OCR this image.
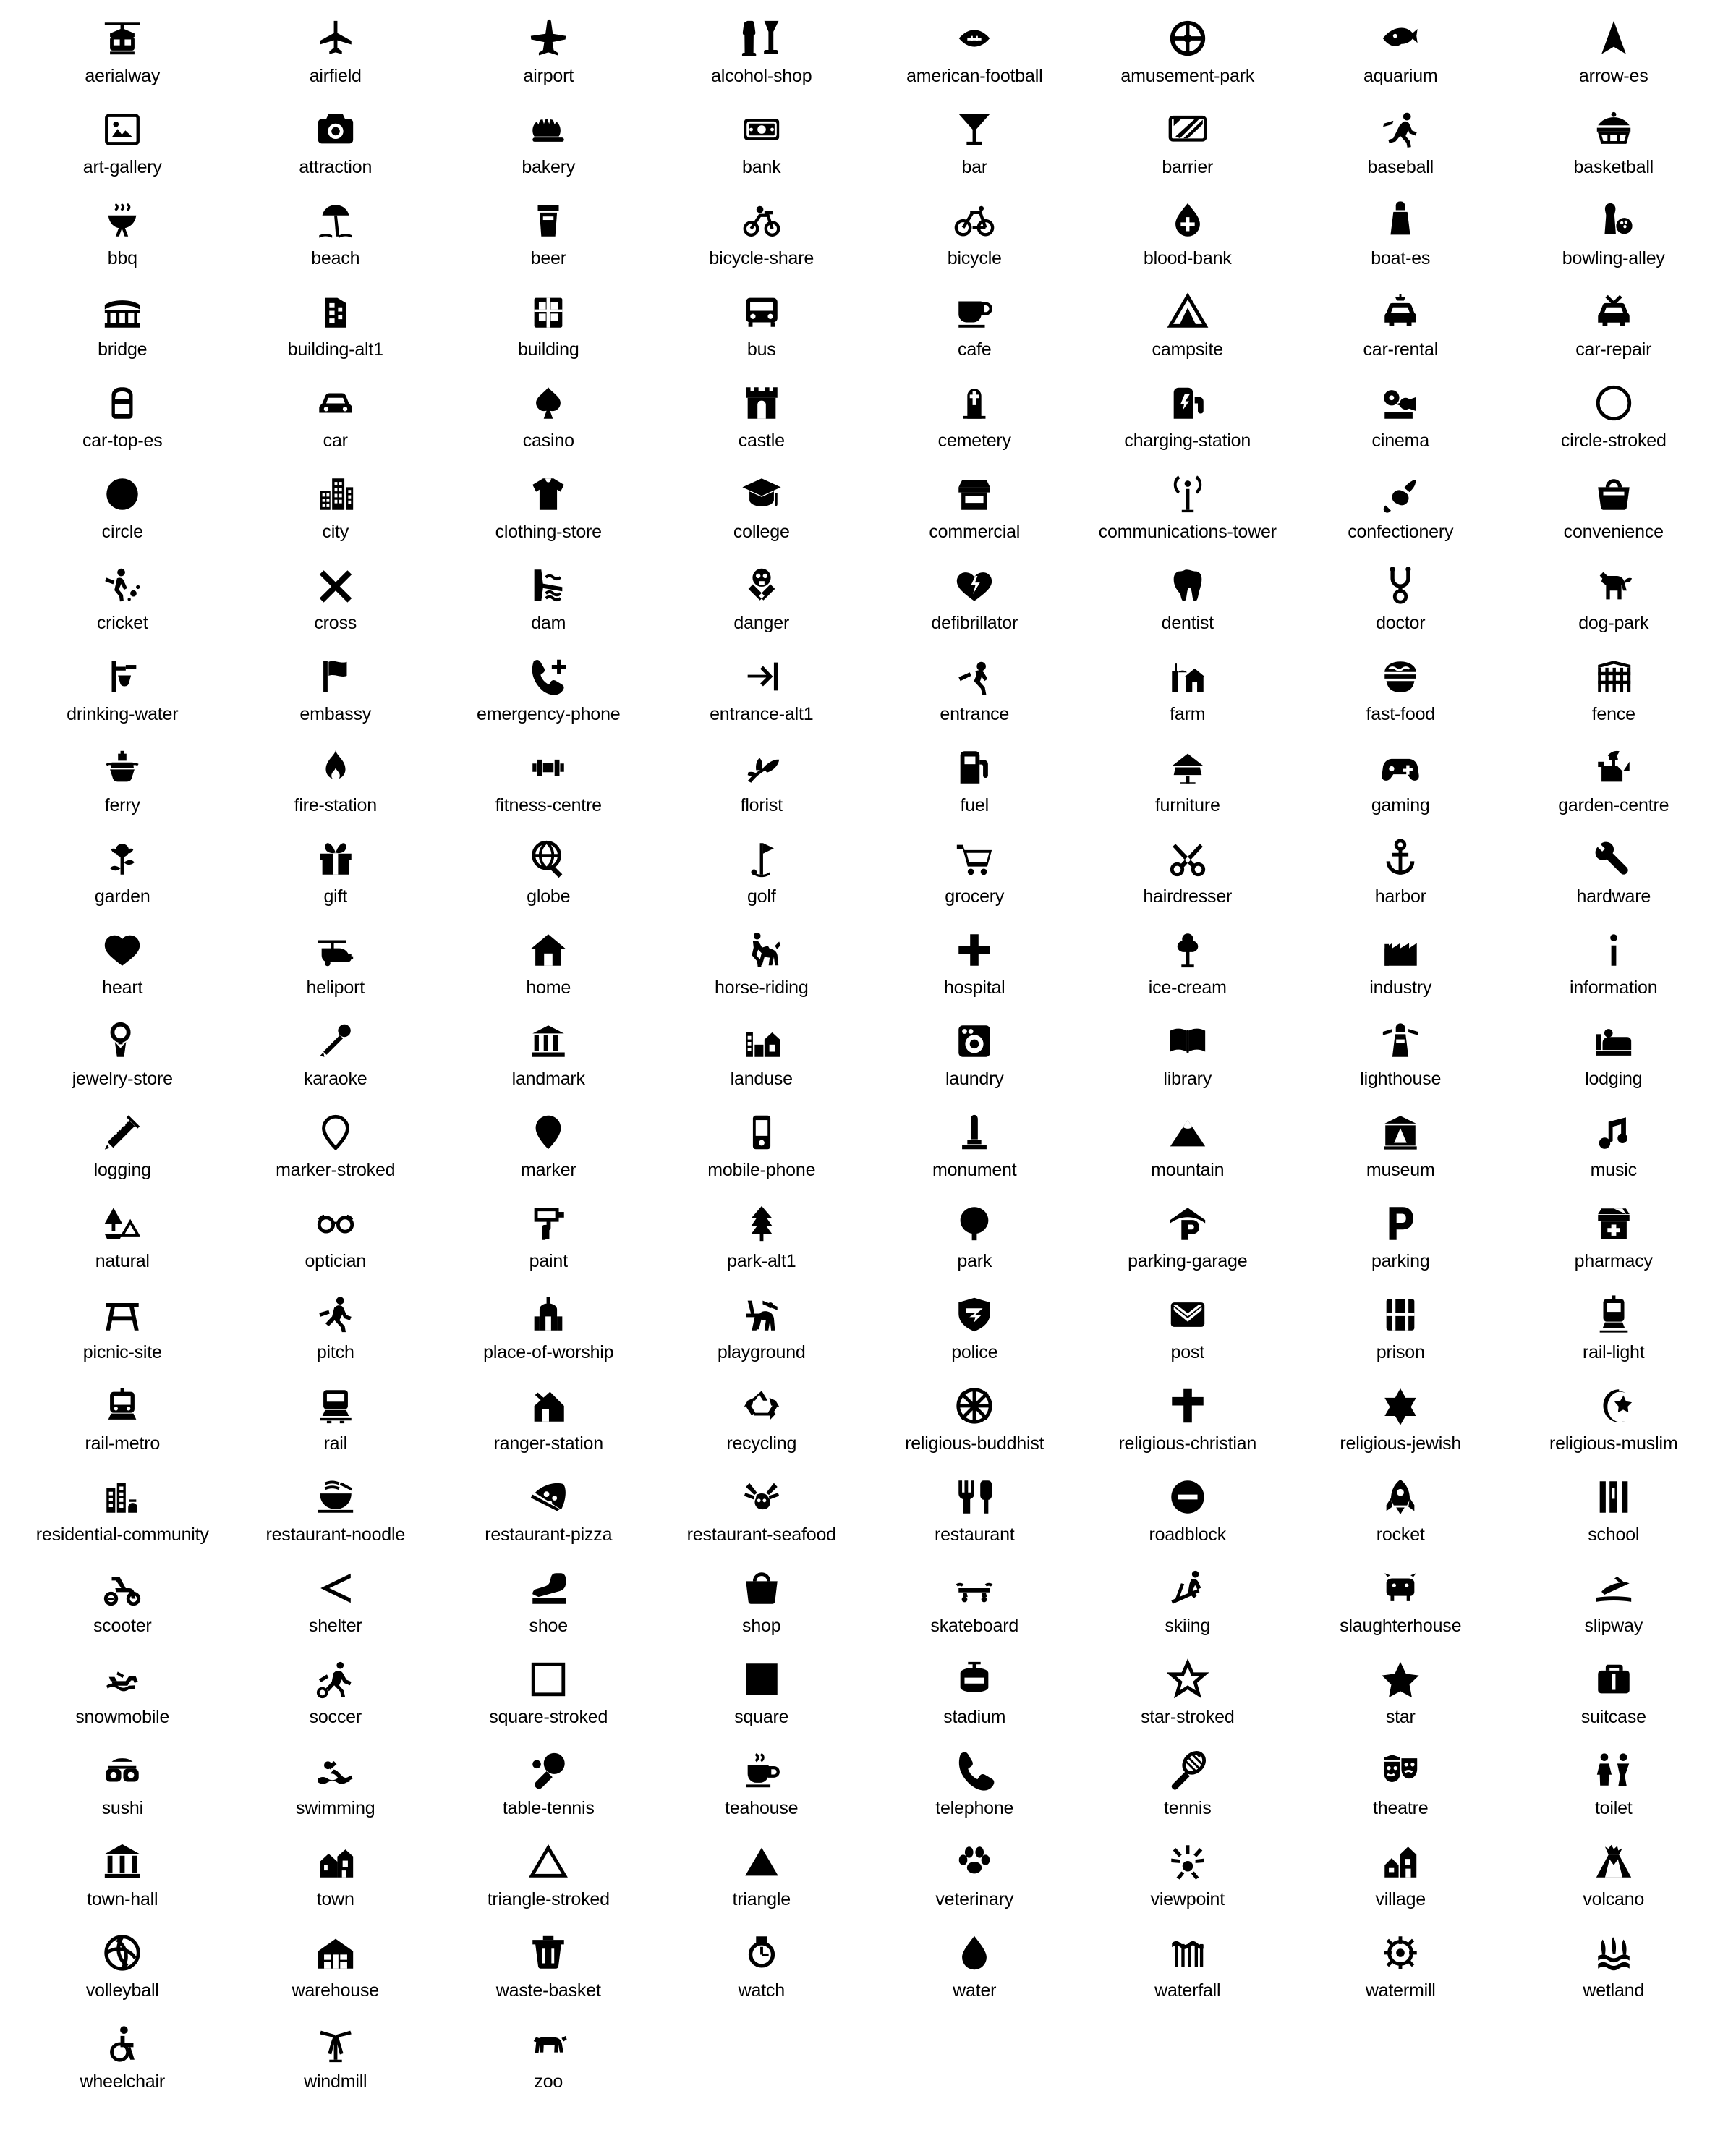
aerialway	airfield	airport	alcohol-shop	american-football	amusement-park	aquarium	arrow-es
art-gallery	attraction	bakery	bank	bar	barrier	baseball	basketball
bbq	beach	beer	bicycle-share	bicycle	blood-bank	boat-es	bowling-alley
bridge	building-alt1	building	bus	cafe	campsite	car-rental	car-repair
car-top-es	car	casino	castle	cemetery	charging-station	cinema	circle-stroked
circle	city	clothing-store	college	commercial	communications-tower	confectionery	convenience
cricket	cross	dam	danger	defibrillator	dentist	doctor	dog-park
drinking-water	embassy	emergency-phone	entrance-alt1	entrance	farm	fast-food	fence
ferry	fire-station	fitness-centre	florist	fuel	furniture	gaming	garden-centre
garden	gift	globe	golf	grocery	hairdresser	harbor	hardware
heart	heliport	home	horse-riding	hospital	ice-cream	industry	information
jewelry-store	karaoke	landmark	landuse	laundry	library	lighthouse	lodging
logging	marker-stroked	marker	mobile-phone	monument	mountain	museum	music
natural	optician	paint	park-alt1	park	parking-garage	parking	pharmacy
picnic-site	pitch	place-of-worship	playground	police	post	prison	rail-light
rail-metro	rail	ranger-station	recycling	religious-buddhist	religious-christian	religious-jewish	religious-muslim
residential-community	restaurant-noodle	restaurant-pizza	restaurant-seafood	restaurant	roadblock	rocket	school
scooter	shelter	shoe	shop	skateboard	skiing	slaughterhouse	slipway
snowmobile	soccer	square-stroked	square	stadium	star-stroked	star	suitcase
sushi	swimming	table-tennis	teahouse	telephone	tennis	theatre	toilet
town-hall	town	triangle-stroked	triangle	veterinary	viewpoint	village	volcano
volleyball	warehouse	waste-basket	watch	water	waterfall	watermill	wetland
wheelchair	windmill	zoo
